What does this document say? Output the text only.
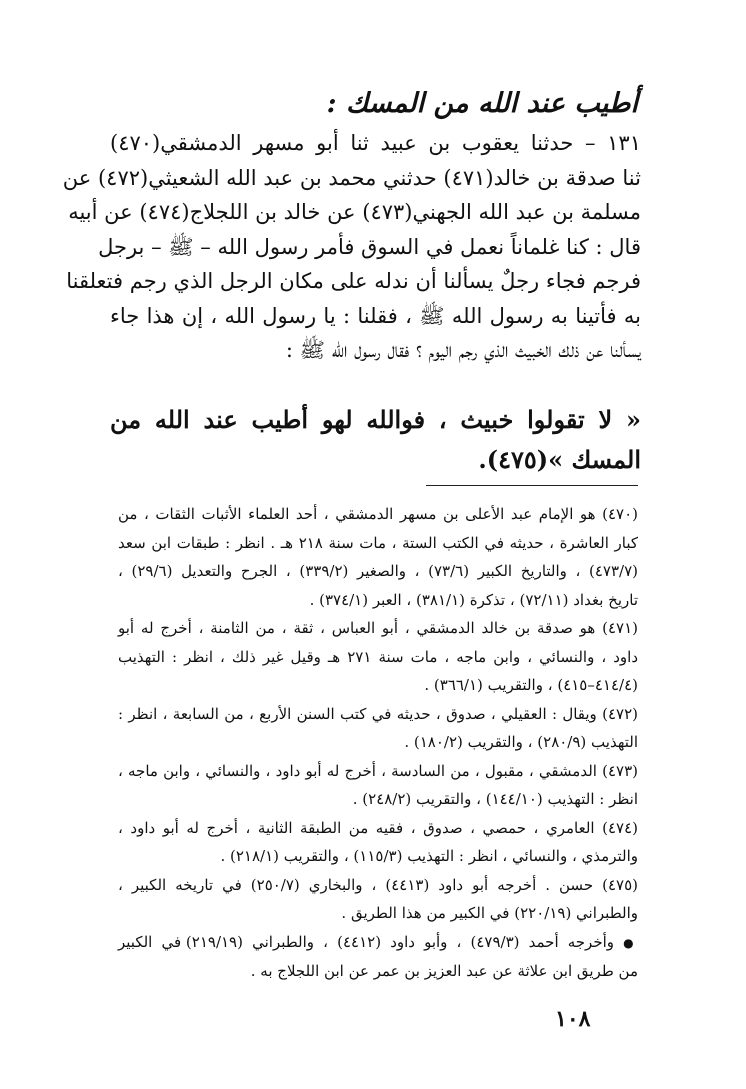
أطيب عند الله من المسك :
١٣١ – حدثنا يعقوب بن عبيد ثنا أبو مسهر الدمشقي(٤٧٠)
ثنا صدقة بن خالد(٤٧١) حدثني محمد بن عبد الله الشعيثي(٤٧٢) عن
مسلمة بن عبد الله الجهني(٤٧٣) عن خالد بن اللجلاج(٤٧٤) عن أبيه
قال : كنا غلماناً نعمل في السوق فأمر رسول الله – ﷺ – برجل
فرجم فجاء رجلٌ يسألنا أن ندله على مكان الرجل الذي رجم فتعلقنا
به فأتينا به رسول الله ﷺ ، فقلنا : يا رسول الله ، إن هذا جاء
يسألنا عن ذلك الخبيث الذي رجم اليوم ؟ فقال رسول الله ﷺ :
« لا تقولوا خبيث ، فوالله لهو أطيب عند الله من
المسك »(٤٧٥).
(٤٧٠) هو الإمام عبد الأعلى بن مسهر الدمشقي ، أحد العلماء الأثبات الثقات ، من
كبار العاشرة ، حديثه في الكتب الستة ، مات سنة ٢١٨ هـ . انظر : طبقات ابن سعد
(٤٧٣/٧) ، والتاريخ الكبير (٧٣/٦) ، والصغير (٣٣٩/٢) ، الجرح والتعديل (٢٩/٦) ،
تاريخ بغداد (٧٢/١١) ، تذكرة (٣٨١/١) ، العبر (٣٧٤/١) .
(٤٧١) هو صدقة بن خالد الدمشقي ، أبو العباس ، ثقة ، من الثامنة ، أخرج له أبو
داود ، والنسائي ، وابن ماجه ، مات سنة ٢٧١ هـ وقيل غير ذلك ، انظر : التهذيب
(٤١٤/٤–٤١٥) ، والتقريب (٣٦٦/١) .
(٤٧٢) ويقال : العقيلي ، صدوق ، حديثه في كتب السنن الأربع ، من السابعة ، انظر :
التهذيب (٢٨٠/٩) ، والتقريب (١٨٠/٢) .
(٤٧٣) الدمشقي ، مقبول ، من السادسة ، أخرج له أبو داود ، والنسائي ، وابن ماجه ،
انظر : التهذيب (١٤٤/١٠) ، والتقريب (٢٤٨/٢) .
(٤٧٤) العامري ، حمصي ، صدوق ، فقيه من الطبقة الثانية ، أخرج له أبو داود ،
والترمذي ، والنسائي ، انظر : التهذيب (١١٥/٣) ، والتقريب (٢١٨/١) .
(٤٧٥) حسن . أخرجه أبو داود (٤٤١٣) ، والبخاري (٢٥٠/٧) في تاريخه الكبير ،
والطبراني (٢٢٠/١٩) في الكبير من هذا الطريق .
● وأخرجه أحمد (٤٧٩/٣) ، وأبو داود (٤٤١٢) ، والطبراني (٢١٩/١٩) في الكبير
من طريق ابن علاثة عن عبد العزيز بن عمر عن ابن اللجلاج به .
١٠٨
